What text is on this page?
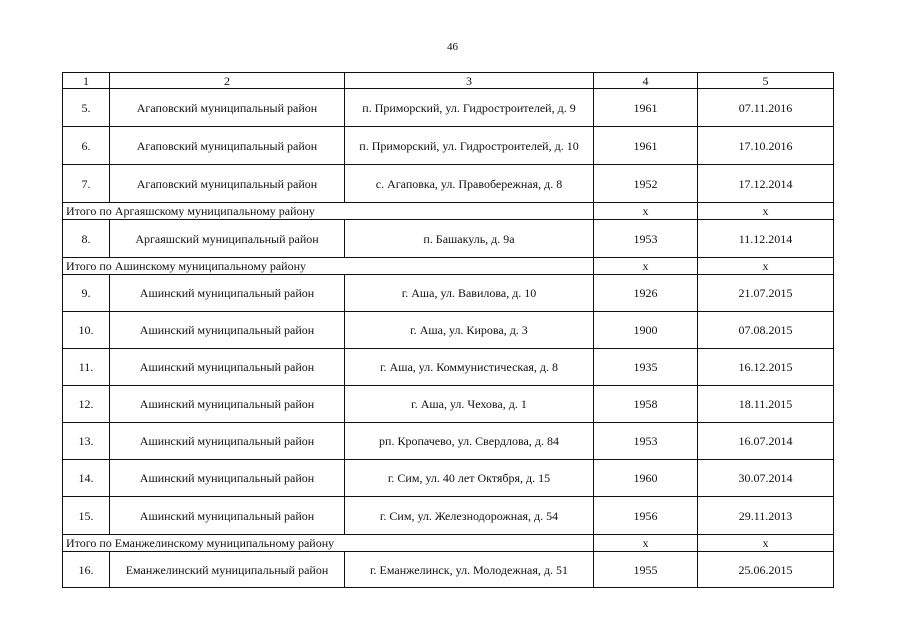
46
1	2	3	4	5
5.	Агаповский муниципальный район	п. Приморский, ул. Гидростроителей, д. 9	1961	07.11.2016
6.	Агаповский муниципальный район	п. Приморский, ул. Гидростроителей, д. 10	1961	17.10.2016
7.	Агаповский муниципальный район	с. Агаповка, ул. Правобережная, д. 8	1952	17.12.2014
Итого по Аргаяшскому муниципальному району			х	х
8.	Аргаяшский муниципальный район	п. Башакуль, д. 9а	1953	11.12.2014
Итого по Ашинскому муниципальному району			х	х
9.	Ашинский муниципальный район	г. Аша, ул. Вавилова, д. 10	1926	21.07.2015
10.	Ашинский муниципальный район	г. Аша, ул. Кирова, д. 3	1900	07.08.2015
11.	Ашинский муниципальный район	г. Аша, ул. Коммунистическая, д. 8	1935	16.12.2015
12.	Ашинский муниципальный район	г. Аша, ул. Чехова, д. 1	1958	18.11.2015
13.	Ашинский муниципальный район	рп. Кропачево, ул. Свердлова, д. 84	1953	16.07.2014
14.	Ашинский муниципальный район	г. Сим, ул. 40 лет Октября, д. 15	1960	30.07.2014
15.	Ашинский муниципальный район	г. Сим, ул. Железнодорожная, д. 54	1956	29.11.2013
Итого по Еманжелинскому муниципальному району			х	х
16.	Еманжелинский муниципальный район	г. Еманжелинск, ул. Молодежная, д. 51	1955	25.06.2015
